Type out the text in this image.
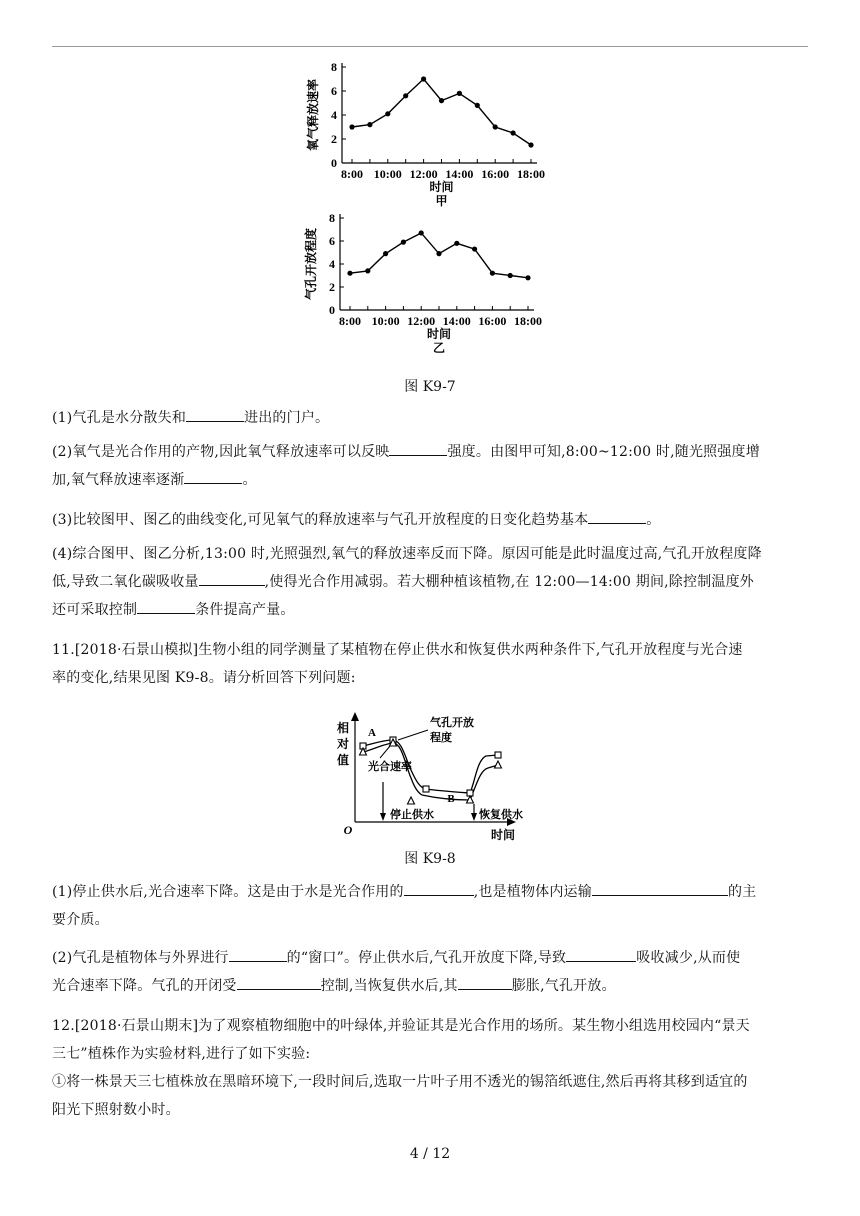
0
2
4
6
8
8:00 10:00 12:00 14:00 16:00 18:00
时间
甲
氧气释放速率
0
2
4
6
8
8:00 10:00 12:00 14:00 16:00 18:00
时间
乙
气孔开放程度
图 K9-7
(1)气孔是水分散失和	进出的门户。
(2)氧气是光合作用的产物,因此氧气释放速率可以反映	强度。由图甲可知,8:00~12:00 时,随光照强度增
加,氧气释放速率逐渐	。
(3)比较图甲、图乙的曲线变化,可见氧气的释放速率与气孔开放程度的日变化趋势基本	。
(4)综合图甲、图乙分析,13:00 时,光照强烈,氧气的释放速率反而下降。原因可能是此时温度过高,气孔开放程度降
低,导致二氧化碳吸收量	,使得光合作用减弱。若大棚种植该植物,在 12:00—14:00 期间,除控制温度外
还可采取控制	条件提高产量。
11.[2018·石景山模拟]生物小组的同学测量了某植物在停止供水和恢复供水两种条件下,气孔开放程度与光合速
率的变化,结果见图 K9-8。请分析回答下列问题:
O
相
对
值
时间
A
B
气孔开放
程度
光合速率
停止供水	恢复供水
图 K9-8
(1)停止供水后,光合速率下降。这是由于水是光合作用的	,也是植物体内运输	的主
要介质。
(2)气孔是植物体与外界进行	的“窗口”。停止供水后,气孔开放度下降,导致	吸收减少,从而使
光合速率下降。气孔的开闭受	控制,当恢复供水后,其	膨胀,气孔开放。
12.[2018·石景山期末]为了观察植物细胞中的叶绿体,并验证其是光合作用的场所。某生物小组选用校园内“景天
三七”植株作为实验材料,进行了如下实验:
①将一株景天三七植株放在黑暗环境下,一段时间后,选取一片叶子用不透光的锡箔纸遮住,然后再将其移到适宜的
阳光下照射数小时。
4 / 12
